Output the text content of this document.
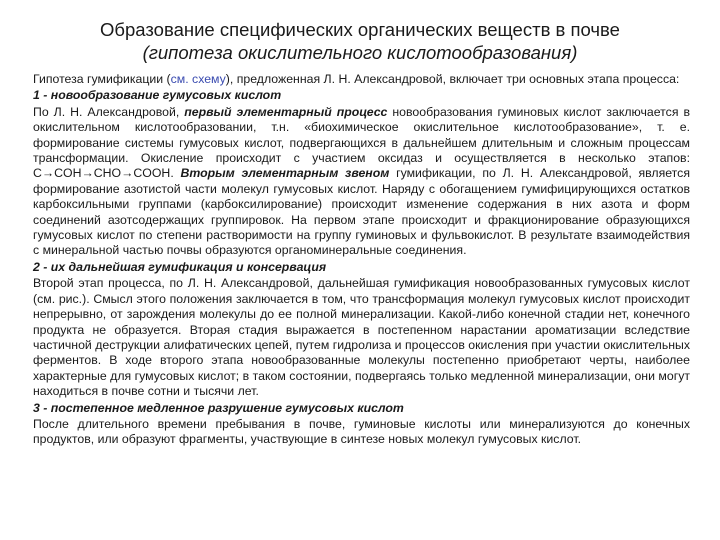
Образование специфических органических веществ в почве
(гипотеза окислительного кислотообразования)

Гипотеза гумификации (см. схему), предложенная Л. Н. Александровой, включает три основных этапа процесса:

1 - новообразование гумусовых кислот

По Л. Н. Александровой, первый элементарный процесс новообразования гуминовых кислот заключается в окислительном кислотообразовании, т.н. «биохимическое окислительное кислотообразование», т. е. формирование системы гумусовых кислот, подвергающихся в дальнейшем длительным и сложным процессам трансформации. Окисление происходит с участием оксидаз и осуществляется в несколько этапов: C→COH→CHO→COOH. Вторым элементарным звеном гумификации, по Л. Н. Александровой, является формирование азотистой части молекул гумусовых кислот. Наряду с обогащением гумифицирующихся остатков карбоксильными группами (карбоксилирование) происходит изменение содержания в них азота и форм соединений азотсодержащих группировок. На первом этапе происходит и фракционирование образующихся гумусовых кислот по степени растворимости на группу гуминовых и фульвокислот. В результате взаимодействия с минеральной частью почвы образуются органоминеральные соединения.

2 - их дальнейшая гумификация и консервация

Второй этап процесса, по Л. Н. Александровой, дальнейшая гумификация новообразованных гумусовых кислот (см. рис.). Смысл этого положения заключается в том, что трансформация молекул гумусовых кислот происходит непрерывно, от зарождения молекулы до ее полной минерализации. Какой-либо конечной стадии нет, конечного продукта не образуется. Вторая стадия выражается в постепенном нарастании ароматизации вследствие частичной деструкции алифатических цепей, путем гидролиза и процессов окисления при участии окислительных ферментов. В ходе второго этапа новообразованные молекулы постепенно приобретают черты, наиболее характерные для гумусовых кислот; в таком состоянии, подвергаясь только медленной минерализации, они могут находиться в почве сотни и тысячи лет.

3 - постепенное медленное разрушение гумусовых кислот

После длительного времени пребывания в почве, гуминовые кислоты или минерализуются до конечных продуктов, или образуют фрагменты, участвующие в синтезе новых молекул гумусовых кислот.
